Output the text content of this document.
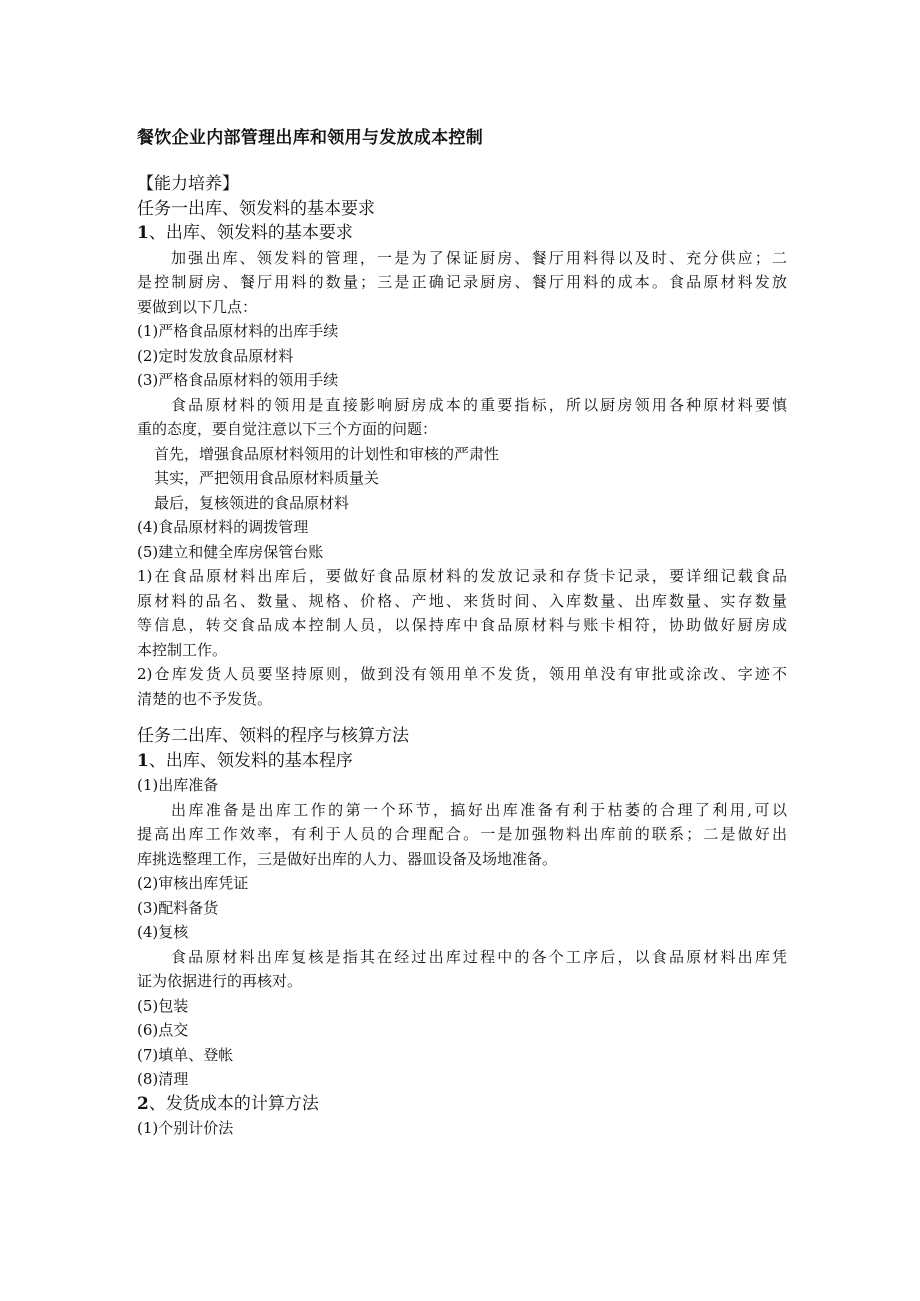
餐饮企业内部管理出库和领用与发放成本控制
【能力培养】
任务一出库、领发料的基本要求
1、出库、领发料的基本要求
加强出库、领发料的管理，一是为了保证厨房、餐厅用料得以及时、充分供应；二
是控制厨房、餐厅用料的数量；三是正确记录厨房、餐厅用料的成本。食品原材料发放
要做到以下几点：
(1)严格食品原材料的出库手续
(2)定时发放食品原材料
(3)严格食品原材料的领用手续
食品原材料的领用是直接影响厨房成本的重要指标，所以厨房领用各种原材料要慎
重的态度，要自觉注意以下三个方面的问题：
首先，增强食品原材料领用的计划性和审核的严肃性
其实，严把领用食品原材料质量关
最后，复核领进的食品原材料
(4)食品原材料的调拨管理
(5)建立和健全库房保管台账
1)在食品原材料出库后，要做好食品原材料的发放记录和存货卡记录，要详细记载食品
原材料的品名、数量、规格、价格、产地、来货时间、入库数量、出库数量、实存数量
等信息，转交食品成本控制人员，以保持库中食品原材料与账卡相符，协助做好厨房成
本控制工作。
2)仓库发货人员要坚持原则，做到没有领用单不发货，领用单没有审批或涂改、字迹不
清楚的也不予发货。
任务二出库、领料的程序与核算方法
1、出库、领发料的基本程序
(1)出库准备
出库准备是出库工作的第一个环节，搞好出库准备有利于枯萎的合理了利用,可以
提高出库工作效率，有利于人员的合理配合。一是加强物料出库前的联系；二是做好出
库挑选整理工作，三是做好出库的人力、器皿设备及场地准备。
(2)审核出库凭证
(3)配料备货
(4)复核
食品原材料出库复核是指其在经过出库过程中的各个工序后，以食品原材料出库凭
证为依据进行的再核对。
(5)包装
(6)点交
(7)填单、登帐
(8)清理
2、发货成本的计算方法
(1)个别计价法
